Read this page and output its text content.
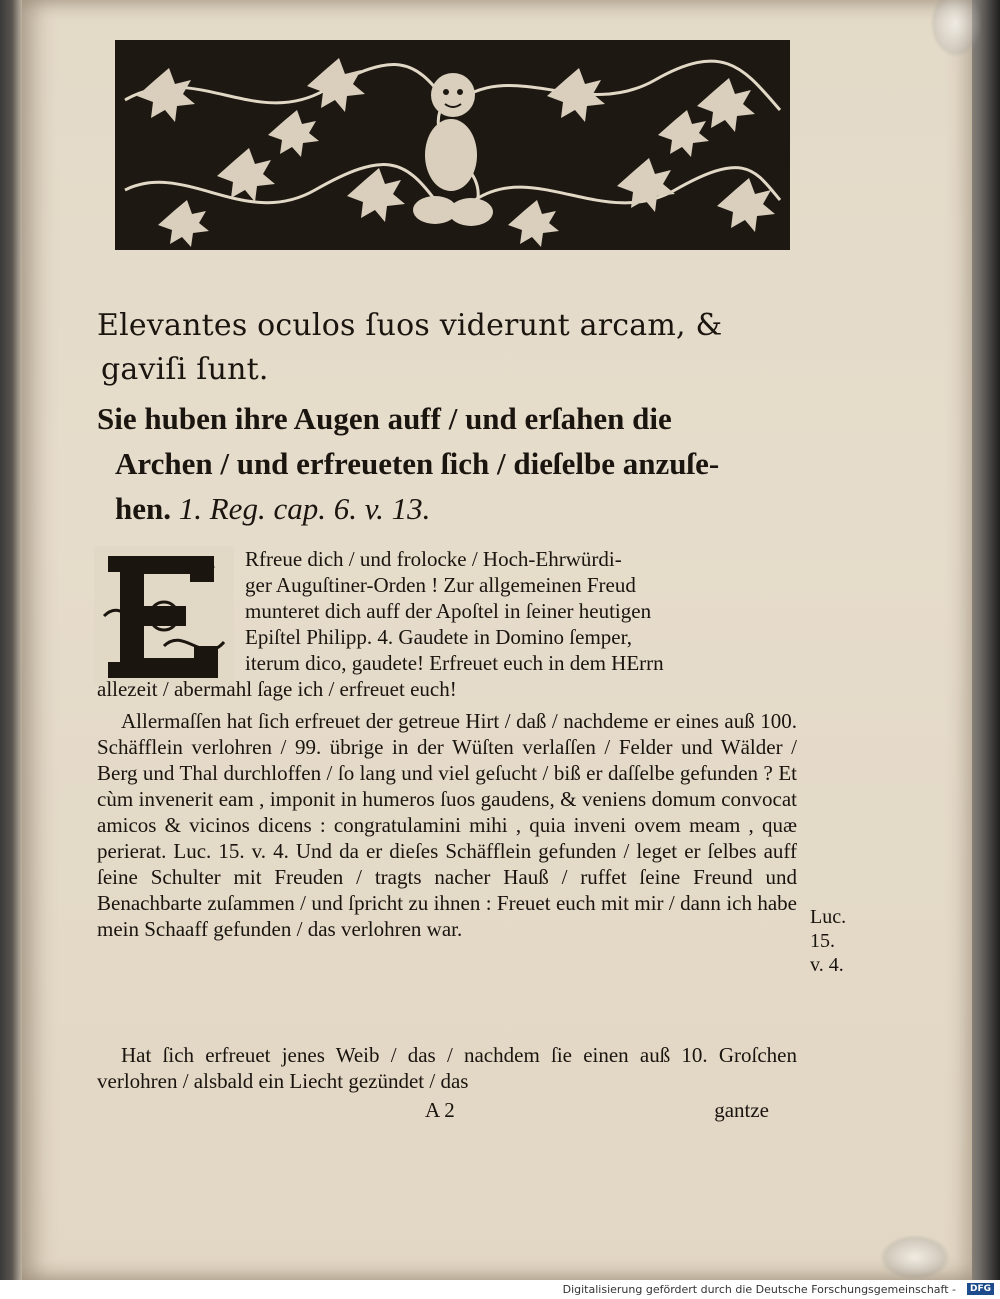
Elevantes oculos ſuos viderunt arcam, &
gaviſi ſunt.
Sie huben ihre Augen auff / und erſahen die
Archen / und erfreueten ſich / dieſelbe anzuſe-
hen. 1. Reg. cap. 6. v. 13.
Rfreue dich / und frolocke / Hoch-Ehrwürdi-
ger Auguſtiner-Orden ! Zur allgemeinen Freud
munteret dich auff der Apoſtel in ſeiner heutigen
Epiſtel Philipp. 4. Gaudete in Domino ſemper,
iterum dico, gaudete! Erfreuet euch in dem HErrn
allezeit / abermahl ſage ich / erfreuet euch!
Allermaſſen hat ſich erfreuet der getreue Hirt / daß / nachdeme er eines auß 100. Schäfflein verlohren / 99. übrige in der Wüſten verlaſſen / Felder und Wälder / Berg und Thal durchloffen / ſo lang und viel geſucht / biß er daſſelbe gefunden ? Et cùm invenerit eam , imponit in humeros ſuos gaudens, & veniens domum convocat amicos & vicinos dicens : congratulamini mihi , quia inveni ovem meam , quæ perierat. Luc. 15. v. 4. Und da er dieſes Schäfflein gefunden / leget er ſelbes auff ſeine Schulter mit Freuden / tragts nacher Hauß / ruffet ſeine Freund und Benachbarte zuſammen / und ſpricht zu ihnen : Freuet euch mit mir / dann ich habe mein Schaaff gefunden / das verlohren war.	Luc. 15.
v. 4.
Hat ſich erfreuet jenes Weib / das / nachdem ſie einen auß 10. Groſchen verlohren / alsbald ein Liecht gezündet / das
A 2	gantze
Digitalisierung gefördert durch die Deutsche Forschungsgemeinschaft -	DFG
